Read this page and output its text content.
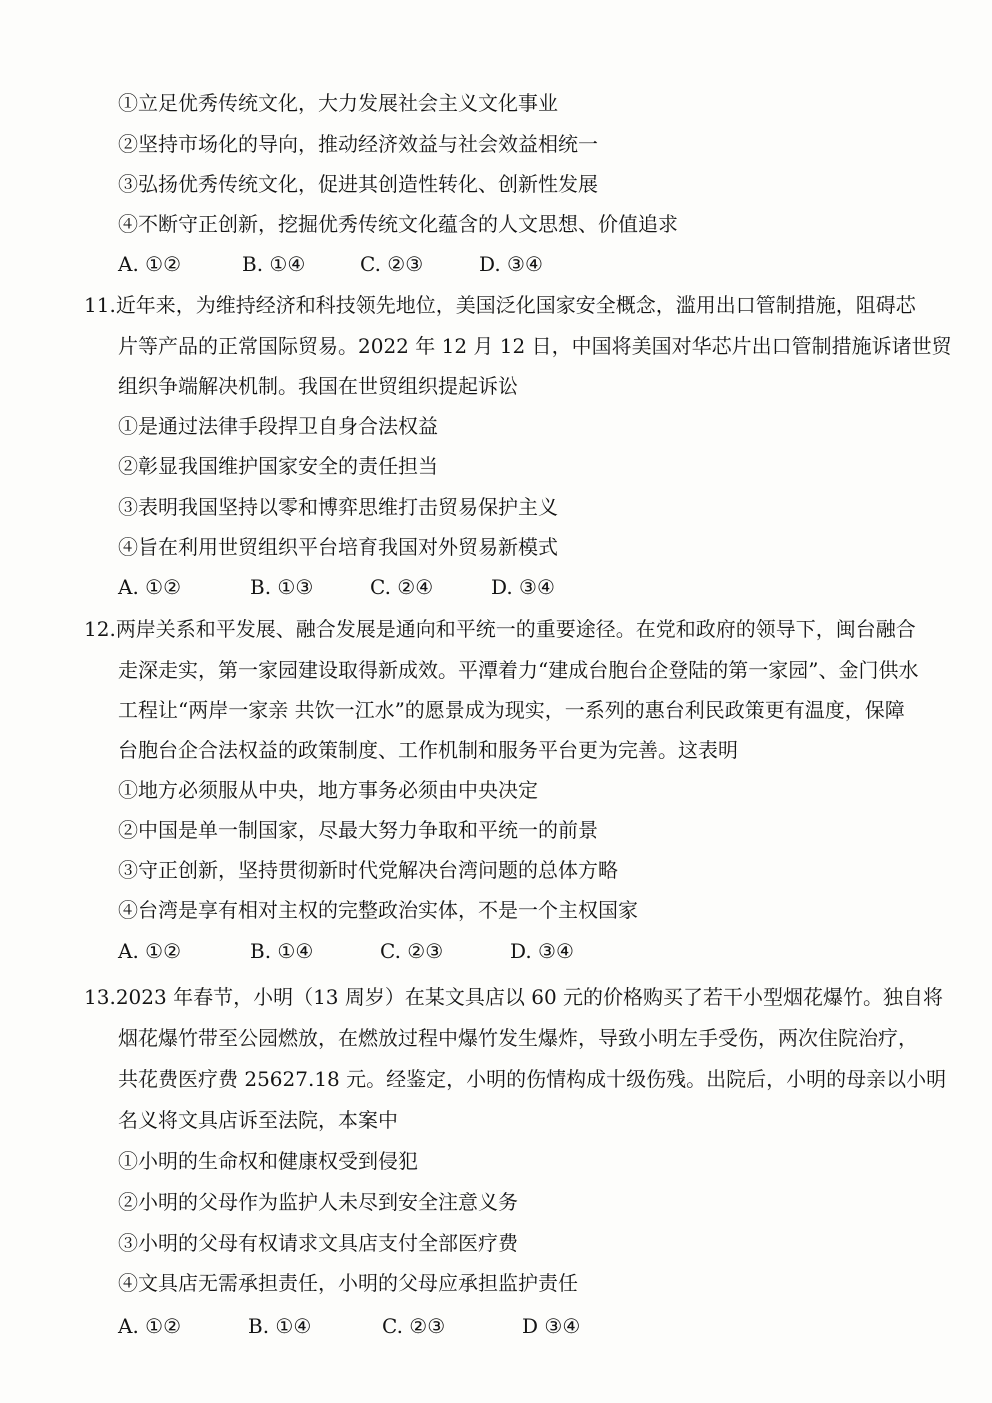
①立足优秀传统文化，大力发展社会主义文化事业
②坚持市场化的导向，推动经济效益与社会效益相统一
③弘扬优秀传统文化，促进其创造性转化、创新性发展
④不断守正创新，挖掘优秀传统文化蕴含的人文思想、价值追求
A. ①②	B. ①④	C. ②③	D. ③④
11.近年来，为维持经济和科技领先地位，美国泛化国家安全概念，滥用出口管制措施，阻碍芯
片等产品的正常国际贸易。2022 年 12 月 12 日，中国将美国对华芯片出口管制措施诉诸世贸
组织争端解决机制。我国在世贸组织提起诉讼
①是通过法律手段捍卫自身合法权益
②彰显我国维护国家安全的责任担当
③表明我国坚持以零和博弈思维打击贸易保护主义
④旨在利用世贸组织平台培育我国对外贸易新模式
A. ①②	B. ①③	C. ②④	D. ③④
12.两岸关系和平发展、融合发展是通向和平统一的重要途径。在党和政府的领导下，闽台融合
走深走实，第一家园建设取得新成效。平潭着力“建成台胞台企登陆的第一家园”、金门供水
工程让“两岸一家亲 共饮一江水”的愿景成为现实，一系列的惠台利民政策更有温度，保障
台胞台企合法权益的政策制度、工作机制和服务平台更为完善。这表明
①地方必须服从中央，地方事务必须由中央决定
②中国是单一制国家，尽最大努力争取和平统一的前景
③守正创新，坚持贯彻新时代党解决台湾问题的总体方略
④台湾是享有相对主权的完整政治实体，不是一个主权国家
A. ①②	B. ①④	C. ②③	D. ③④
13.2023 年春节，小明（13 周岁）在某文具店以 60 元的价格购买了若干小型烟花爆竹。独自将
烟花爆竹带至公园燃放，在燃放过程中爆竹发生爆炸，导致小明左手受伤，两次住院治疗，
共花费医疗费 25627.18 元。经鉴定，小明的伤情构成十级伤残。出院后，小明的母亲以小明
名义将文具店诉至法院，本案中
①小明的生命权和健康权受到侵犯
②小明的父母作为监护人未尽到安全注意义务
③小明的父母有权请求文具店支付全部医疗费
④文具店无需承担责任，小明的父母应承担监护责任
A. ①②	B. ①④	C. ②③	D ③④
